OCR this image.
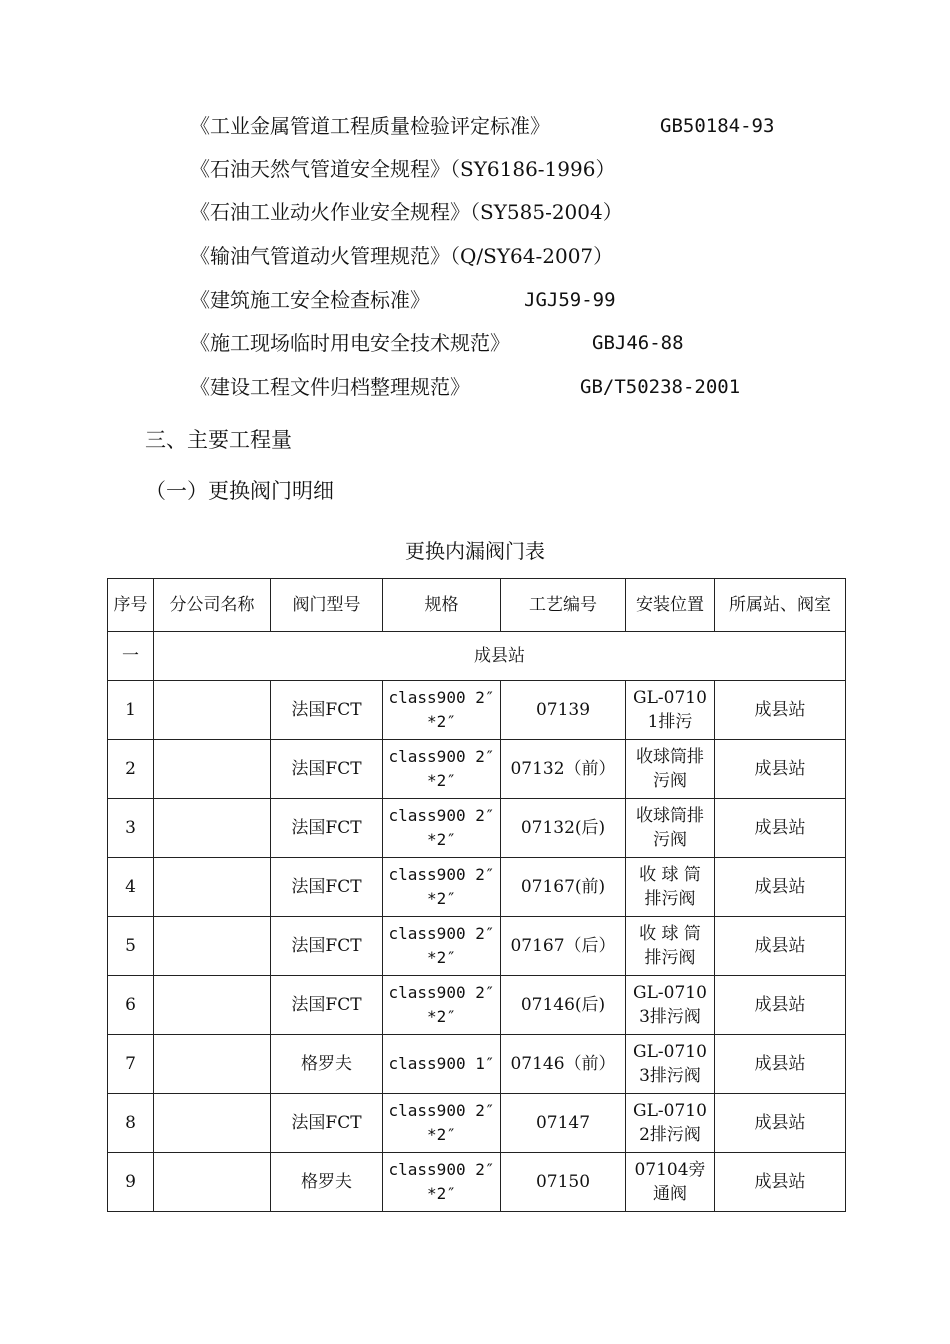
《工业金属管道工程质量检验评定标准》	GB50184-93
《石油天然气管道安全规程》（SY6186-1996）
《石油工业动火作业安全规程》（SY585-2004）
《输油气管道动火管理规范》（Q/SY64-2007）
《建筑施工安全检查标准》	JGJ59-99
《施工现场临时用电安全技术规范》	GBJ46-88
《建设工程文件归档整理规范》	GB/T50238-2001
三、主要工程量
（一）更换阀门明细
更换内漏阀门表
序号	分公司名称	阀门型号	规格	工艺编号	安装位置	所属站、阀室
一	成县站					
1		法国FCT	class900 2″*2″	07139	GL-0710 1排污	成县站
2		法国FCT	class900 2″*2″	07132（前）	收球筒排污阀	成县站
3		法国FCT	class900 2″*2″	07132(后)	收球筒排污阀	成县站
4		法国FCT	class900 2″*2″	07167(前)	收 球 筒 排污阀	成县站
5		法国FCT	class900 2″*2″	07167（后）	收 球 筒 排污阀	成县站
6		法国FCT	class900 2″*2″	07146(后)	GL-0710 3排污阀	成县站
7		格罗夫	class900 1″	07146（前）	GL-0710 3排污阀	成县站
8		法国FCT	class900 2″*2″	07147	GL-0710 2排污阀	成县站
9		格罗夫	class900 2″*2″	07150	07104旁通阀	成县站
